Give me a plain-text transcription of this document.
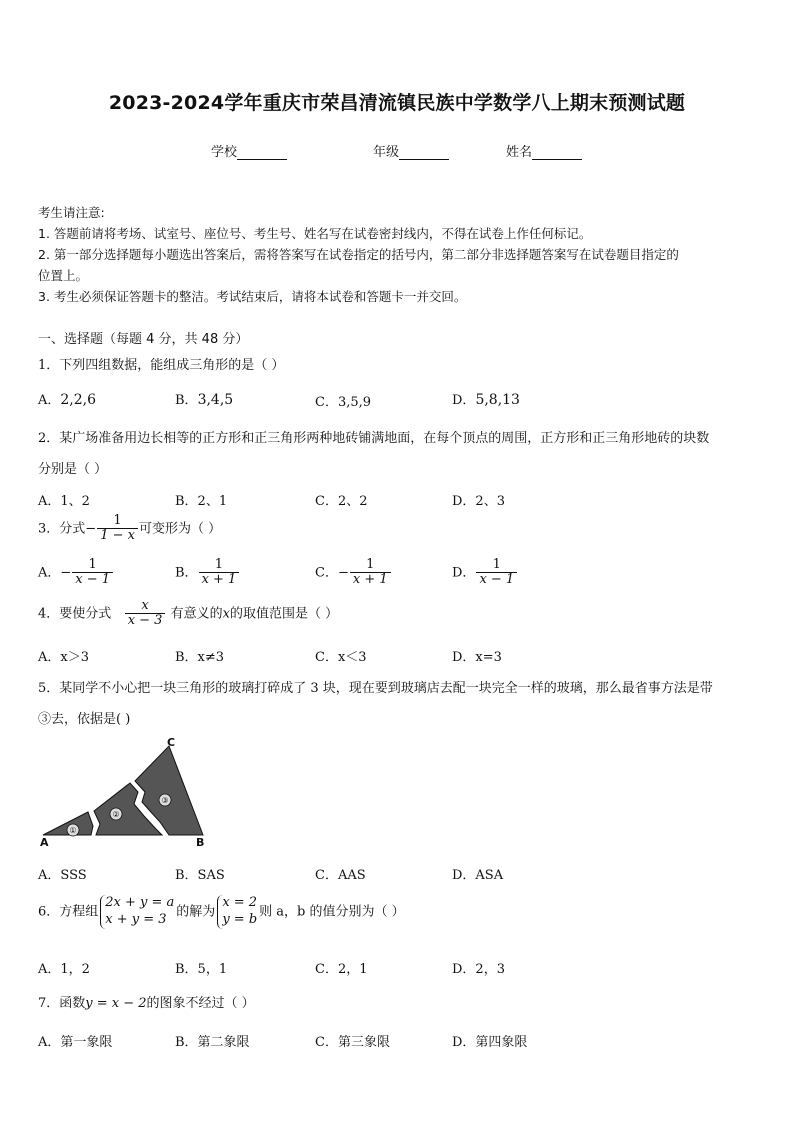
2023-2024学年重庆市荣昌清流镇民族中学数学八上期末预测试题
学校	年级	姓名
考生请注意:
1. 答题前请将考场、试室号、座位号、考生号、姓名写在试卷密封线内，不得在试卷上作任何标记。
2. 第一部分选择题每小题选出答案后，需将答案写在试卷指定的括号内，第二部分非选择题答案写在试卷题目指定的
位置上。
3. 考生必须保证答题卡的整洁。考试结束后，请将本试卷和答题卡一并交回。
一、选择题（每题 4 分，共 48 分）
1．下列四组数据，能组成三角形的是（ ）
A．2,2,6	B．3,4,5	C．3,5,9	D．5,8,13
2．某广场准备用边长相等的正方形和正三角形两种地砖铺满地面，在每个顶点的周围，正方形和正三角形地砖的块数
分别是（ ）
A．1、2	B．2、1	C．2、2	D．2、3
3．分式− $\frac{1}{1 - x}$ 可变形为（ ）
A．− $\frac{1}{x - 1}$	B． $\frac{1}{x + 1}$	C．− $\frac{1}{x + 1}$	D． $\frac{1}{x - 1}$
4．要使分式 $\frac{x}{x - 3}$ 有意义的x的取值范围是（ ）
A．x＞3	B．x≠3	C．x＜3	D．x=3
5．某同学不小心把一块三角形的玻璃打碎成了 3 块，现在要到玻璃店去配一块完全一样的玻璃，那么最省事方法是带
③去，依据是( )
①
②
③
A	B
C
A．SSS	B．SAS	C．AAS	D．ASA
6．方程组
2x + y = a
x + y = 3 的解为
x = 2
y = b 则 a，b 的值分别为（ ）
A．1，2	B．5，1	C．2，1	D．2，3
7．函数y = x − 2的图象不经过（ ）
A．第一象限	B．第二象限	C．第三象限	D．第四象限
